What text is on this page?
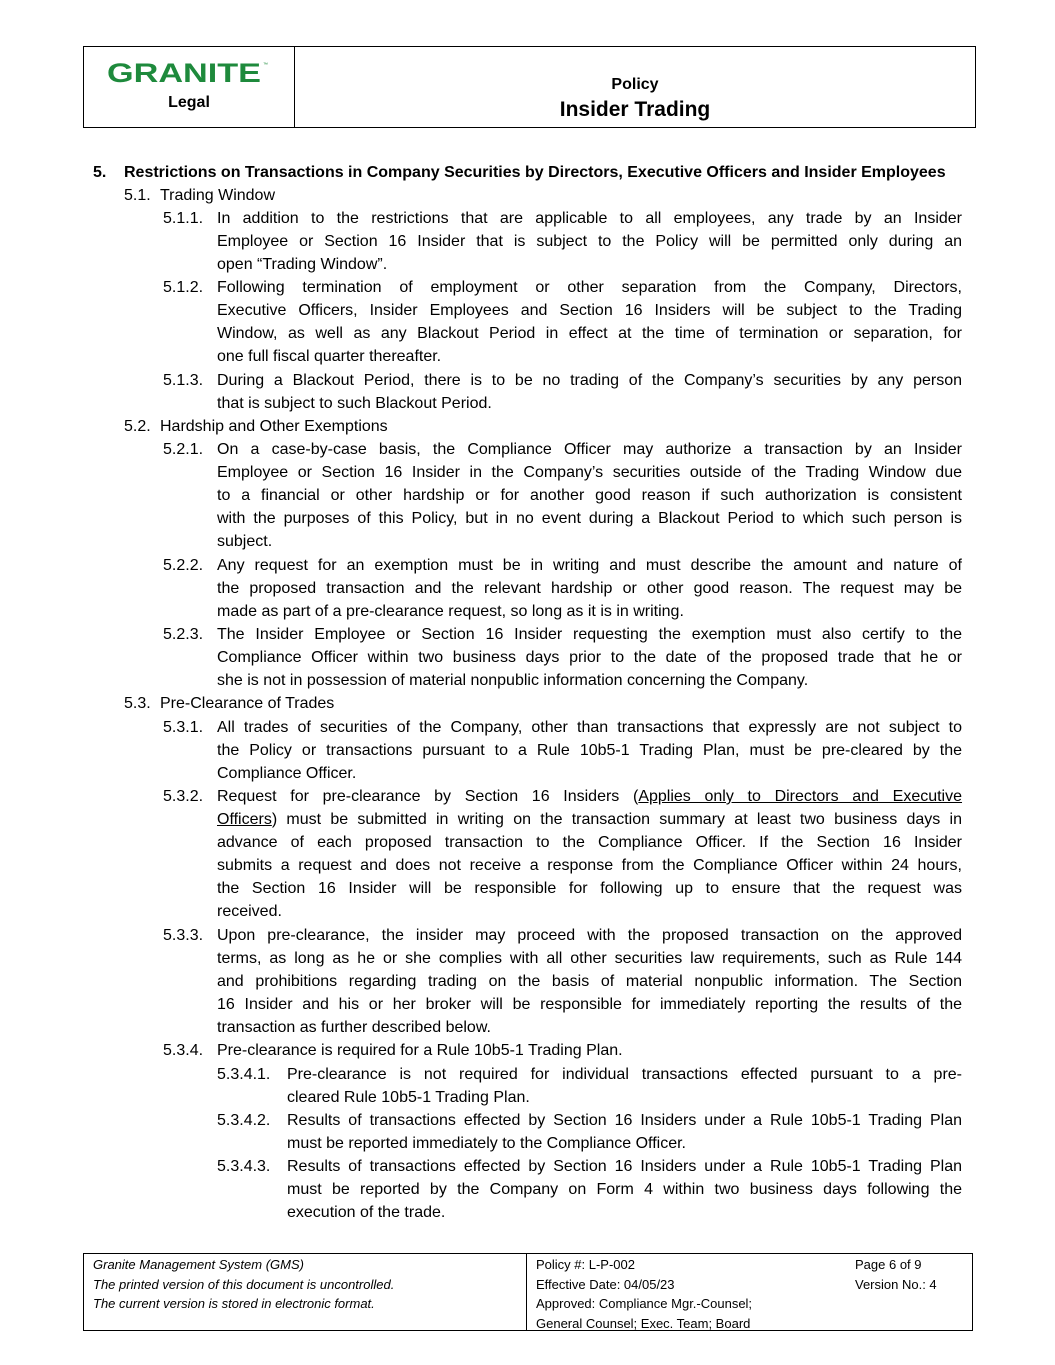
GRANITE ™
Legal
Policy
Insider Trading
5. Restrictions on Transactions in Company Securities by Directors, Executive Officers and Insider Employees
5.1. Trading Window
5.1.1. In addition to the restrictions that are applicable to all employees, any trade by an Insider
Employee or Section 16 Insider that is subject to the Policy will be permitted only during an
open “Trading Window”.
5.1.2. Following termination of employment or other separation from the Company, Directors,
Executive Officers, Insider Employees and Section 16 Insiders will be subject to the Trading
Window, as well as any Blackout Period in effect at the time of termination or separation, for
one full fiscal quarter thereafter.
5.1.3. During a Blackout Period, there is to be no trading of the Company’s securities by any person
that is subject to such Blackout Period.
5.2. Hardship and Other Exemptions
5.2.1. On a case-by-case basis, the Compliance Officer may authorize a transaction by an Insider
Employee or Section 16 Insider in the Company’s securities outside of the Trading Window due
to a financial or other hardship or for another good reason if such authorization is consistent
with the purposes of this Policy, but in no event during a Blackout Period to which such person is
subject.
5.2.2. Any request for an exemption must be in writing and must describe the amount and nature of
the proposed transaction and the relevant hardship or other good reason. The request may be
made as part of a pre-clearance request, so long as it is in writing.
5.2.3. The Insider Employee or Section 16 Insider requesting the exemption must also certify to the
Compliance Officer within two business days prior to the date of the proposed trade that he or
she is not in possession of material nonpublic information concerning the Company.
5.3. Pre-Clearance of Trades
5.3.1. All trades of securities of the Company, other than transactions that expressly are not subject to
the Policy or transactions pursuant to a Rule 10b5-1 Trading Plan, must be pre-cleared by the
Compliance Officer.
5.3.2. Request for pre-clearance by Section 16 Insiders (Applies only to Directors and Executive
Officers) must be submitted in writing on the transaction summary at least two business days in
advance of each proposed transaction to the Compliance Officer. If the Section 16 Insider
submits a request and does not receive a response from the Compliance Officer within 24 hours,
the Section 16 Insider will be responsible for following up to ensure that the request was
received.
5.3.3. Upon pre-clearance, the insider may proceed with the proposed transaction on the approved
terms, as long as he or she complies with all other securities law requirements, such as Rule 144
and prohibitions regarding trading on the basis of material nonpublic information. The Section
16 Insider and his or her broker will be responsible for immediately reporting the results of the
transaction as further described below.
5.3.4. Pre-clearance is required for a Rule 10b5-1 Trading Plan.
5.3.4.1. Pre-clearance is not required for individual transactions effected pursuant to a pre-
cleared Rule 10b5-1 Trading Plan.
5.3.4.2. Results of transactions effected by Section 16 Insiders under a Rule 10b5-1 Trading Plan
must be reported immediately to the Compliance Officer.
5.3.4.3. Results of transactions effected by Section 16 Insiders under a Rule 10b5-1 Trading Plan
must be reported by the Company on Form 4 within two business days following the
execution of the trade.
Granite Management System (GMS)
The printed version of this document is uncontrolled.
The current version is stored in electronic format.
Policy #: L-P-002
Effective Date: 04/05/23
Approved: Compliance Mgr.-Counsel;
General Counsel; Exec. Team; Board
Page 6 of 9
Version No.: 4
